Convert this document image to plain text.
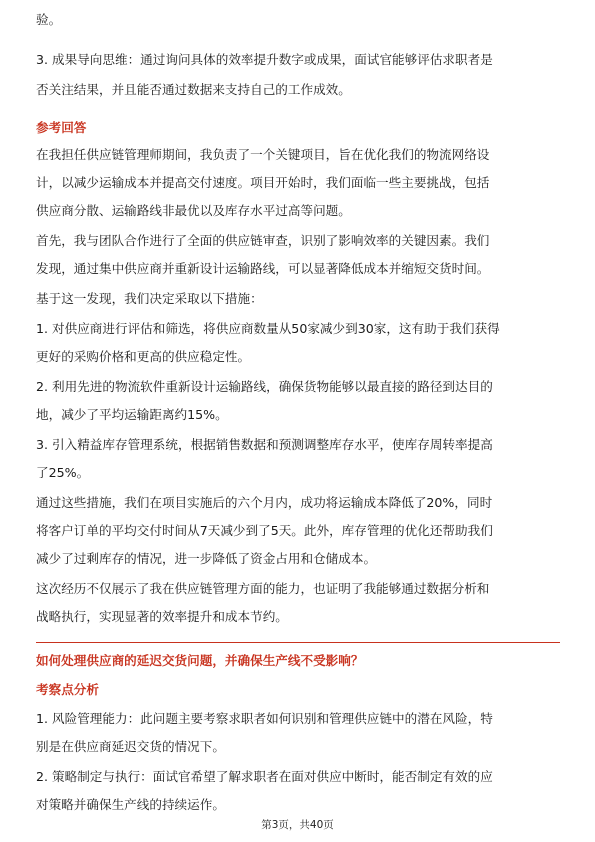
验。
3. 成果导向思维：通过询问具体的效率提升数字或成果，面试官能够评估求职者是
否关注结果，并且能否通过数据来支持自己的工作成效。
参考回答
在我担任供应链管理师期间，我负责了一个关键项目，旨在优化我们的物流网络设
计，以减少运输成本并提高交付速度。项目开始时，我们面临一些主要挑战，包括
供应商分散、运输路线非最优以及库存水平过高等问题。
首先，我与团队合作进行了全面的供应链审查，识别了影响效率的关键因素。我们
发现，通过集中供应商并重新设计运输路线，可以显著降低成本并缩短交货时间。
基于这一发现，我们决定采取以下措施：
1. 对供应商进行评估和筛选，将供应商数量从50家减少到30家，这有助于我们获得
更好的采购价格和更高的供应稳定性。
2. 利用先进的物流软件重新设计运输路线，确保货物能够以最直接的路径到达目的
地，减少了平均运输距离约15%。
3. 引入精益库存管理系统，根据销售数据和预测调整库存水平，使库存周转率提高
了25%。
通过这些措施，我们在项目实施后的六个月内，成功将运输成本降低了20%，同时
将客户订单的平均交付时间从7天减少到了5天。此外，库存管理的优化还帮助我们
减少了过剩库存的情况，进一步降低了资金占用和仓储成本。
这次经历不仅展示了我在供应链管理方面的能力，也证明了我能够通过数据分析和
战略执行，实现显著的效率提升和成本节约。
如何处理供应商的延迟交货问题，并确保生产线不受影响？
考察点分析
1. 风险管理能力：此问题主要考察求职者如何识别和管理供应链中的潜在风险，特
别是在供应商延迟交货的情况下。
2. 策略制定与执行：面试官希望了解求职者在面对供应中断时，能否制定有效的应
对策略并确保生产线的持续运作。
第3页，共40页
